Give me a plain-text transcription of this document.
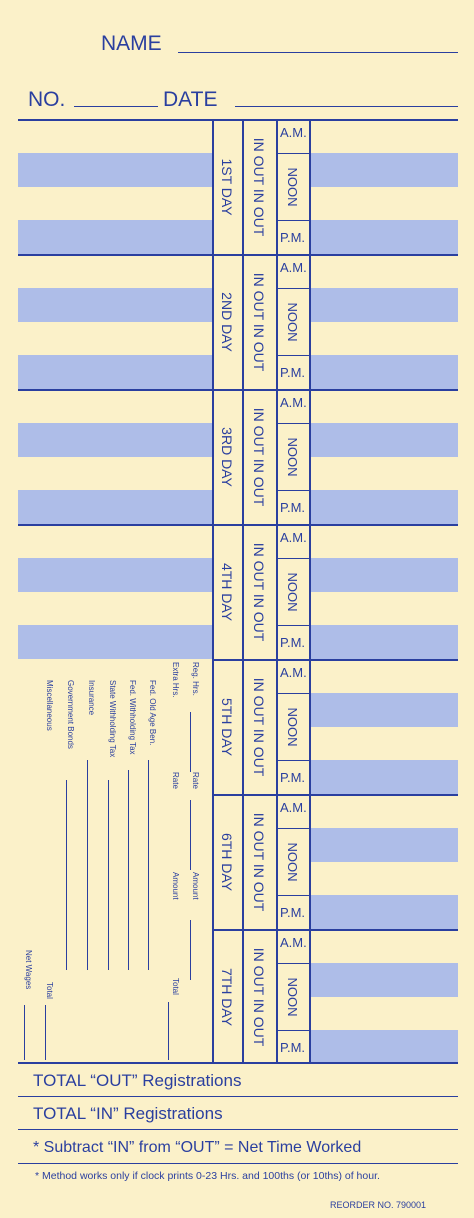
NAME
NO.	DATE
1ST DAY IN OUT IN OUT
A.M.
NOON
P.M.
2ND DAY IN OUT IN OUT
A.M.
NOON
P.M.
3RD DAY IN OUT IN OUT
A.M.
NOON
P.M.
4TH DAY IN OUT IN OUT
A.M.
NOON
P.M.
5TH DAY IN OUT IN OUT
A.M.
NOON
P.M.
6TH DAY IN OUT IN OUT
A.M.
NOON
P.M.
7TH DAY IN OUT IN OUT
A.M.
NOON
P.M.
Reg. Hrs.
Rate
Amount
Extra Hrs.
Rate
Amount
Total
Fed. Old Age Ben.
Fed. Withholding Tax
State Withholding Tax
Insurance
Government Bonds
Miscellaneous
Total
Net Wages
TOTAL “OUT” Registrations
TOTAL “IN” Registrations
* Subtract “IN” from “OUT” = Net Time Worked
* Method works only if clock prints 0-23 Hrs. and 100ths (or 10ths) of hour.
REORDER NO. 790001
